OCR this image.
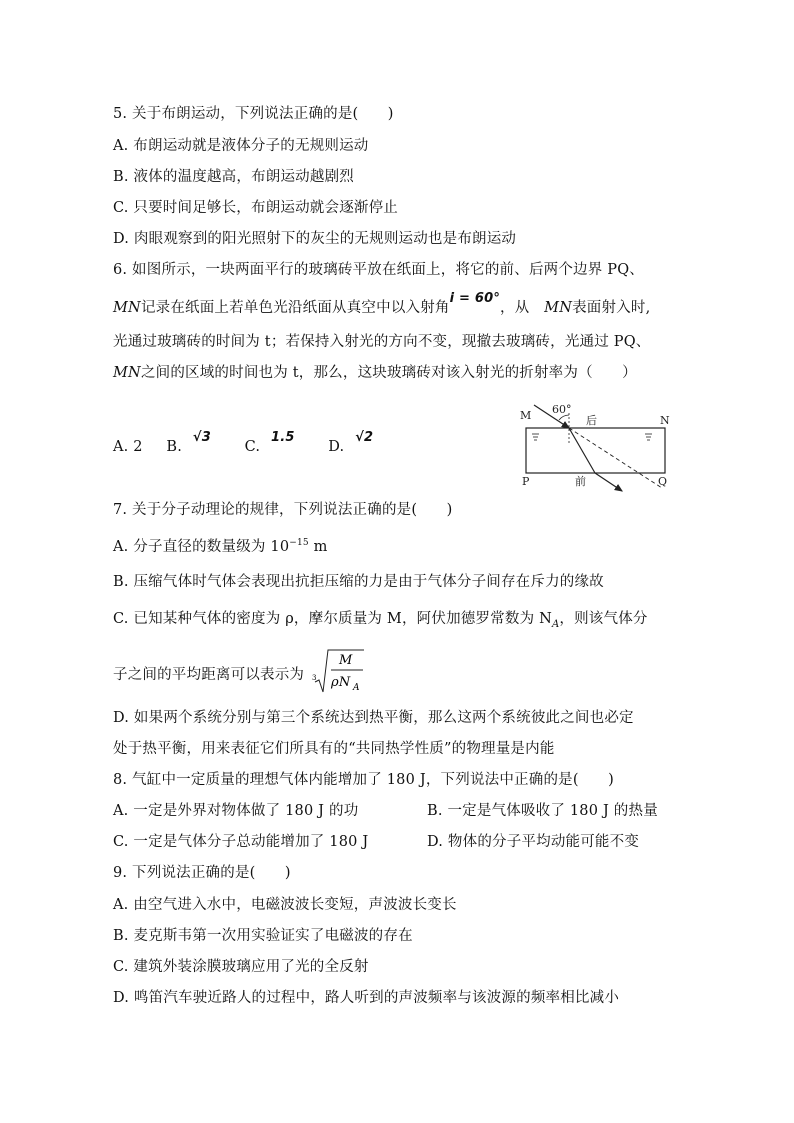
5. 关于布朗运动，下列说法正确的是(　　)
A. 布朗运动就是液体分子的无规则运动
B. 液体的温度越高，布朗运动越剧烈
C. 只要时间足够长，布朗运动就会逐渐停止
D. 肉眼观察到的阳光照射下的灰尘的无规则运动也是布朗运动
6. 如图所示，一块两面平行的玻璃砖平放在纸面上，将它的前、后两个边界 PQ、
MN记录在纸面上若单色光沿纸面从真空中以入射角i = 60°，从　MN表面射入时,
光通过玻璃砖的时间为 t；若保持入射光的方向不变，现撤去玻璃砖，光通过 PQ、
MN之间的区域的时间也为 t，那么，这块玻璃砖对该入射光的折射率为（　　）
A. 2 B. √3  C. 1.5  D. √2
60°
M	N
P	Q
后
前
7. 关于分子动理论的规律，下列说法正确的是(　　)
A. 分子直径的数量级为 $10^{-15}$ m
B. 压缩气体时气体会表现出抗拒压缩的力是由于气体分子间存在斥力的缘故
C. 已知某种气体的密度为 ρ，摩尔质量为 M，阿伏加德罗常数为 $N_A$，则该气体分
子之间的平均距离可以表示为 3
M
ρN A
D. 如果两个系统分别与第三个系统达到热平衡，那么这两个系统彼此之间也必定
处于热平衡，用来表征它们所具有的“共同热学性质”的物理量是内能
8. 气缸中一定质量的理想气体内能增加了 180 J，下列说法中正确的是(　　)
A. 一定是外界对物体做了 180 J 的功	B. 一定是气体吸收了 180 J 的热量
C. 一定是气体分子总动能增加了 180 J	D. 物体的分子平均动能可能不变
9. 下列说法正确的是(　　)
A. 由空气进入水中，电磁波波长变短，声波波长变长
B. 麦克斯韦第一次用实验证实了电磁波的存在
C. 建筑外装涂膜玻璃应用了光的全反射
D. 鸣笛汽车驶近路人的过程中，路人听到的声波频率与该波源的频率相比减小
